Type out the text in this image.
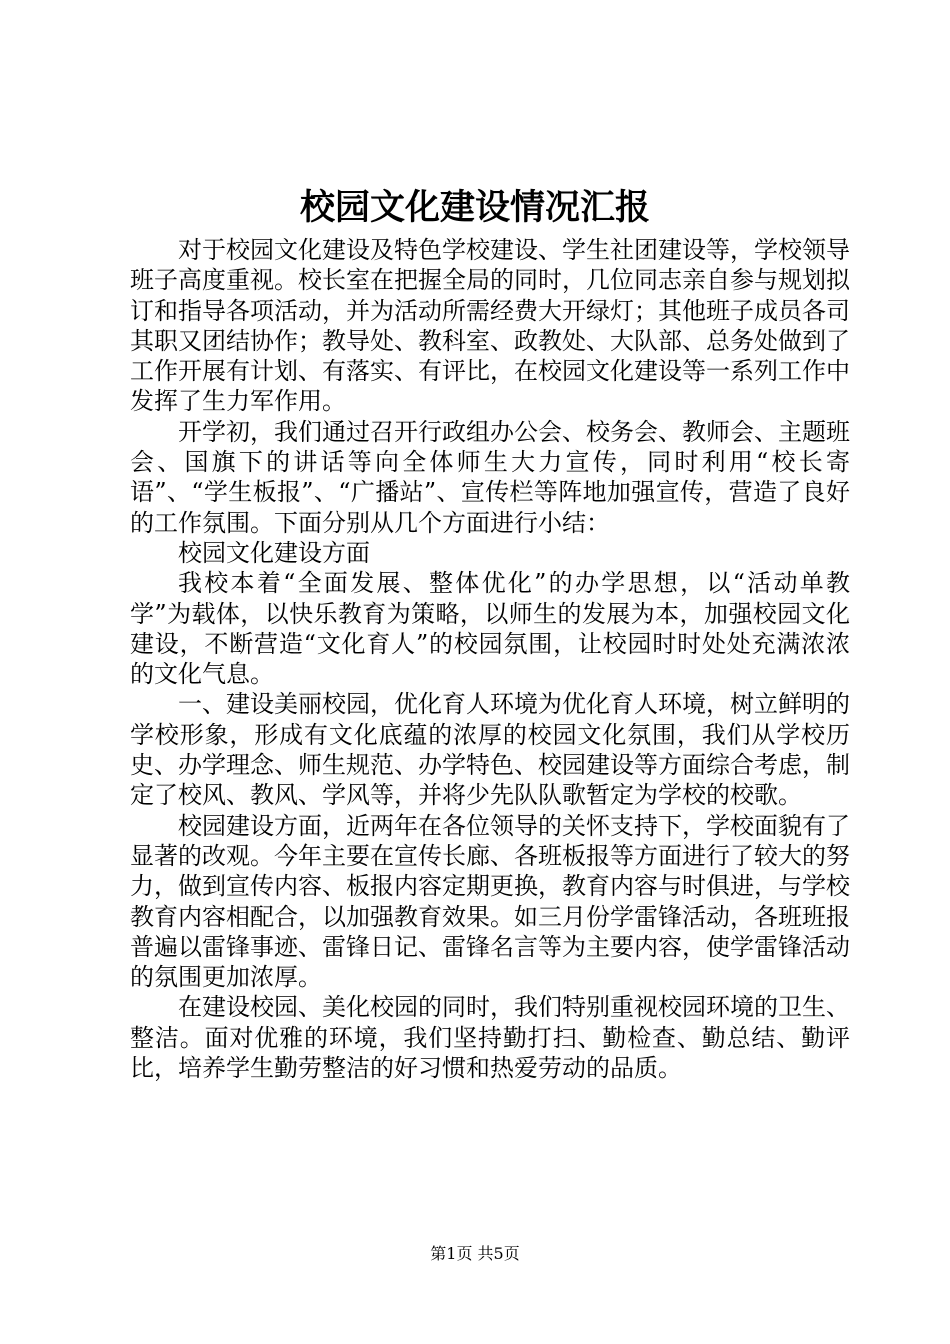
校园文化建设情况汇报

对于校园文化建设及特色学校建设、学生社团建设等，学校领导班子高度重视。校长室在把握全局的同时，几位同志亲自参与规划拟订和指导各项活动，并为活动所需经费大开绿灯；其他班子成员各司其职又团结协作；教导处、教科室、政教处、大队部、总务处做到了工作开展有计划、有落实、有评比，在校园文化建设等一系列工作中发挥了生力军作用。

开学初，我们通过召开行政组办公会、校务会、教师会、主题班会、国旗下的讲话等向全体师生大力宣传，同时利用“校长寄语”、“学生板报”、“广播站”、宣传栏等阵地加强宣传，营造了良好的工作氛围。下面分别从几个方面进行小结：

校园文化建设方面

我校本着“全面发展、整体优化”的办学思想，以“活动单教学”为载体，以快乐教育为策略，以师生的发展为本，加强校园文化建设，不断营造“文化育人”的校园氛围，让校园时时处处充满浓浓的文化气息。

一、建设美丽校园，优化育人环境为优化育人环境，树立鲜明的学校形象，形成有文化底蕴的浓厚的校园文化氛围，我们从学校历史、办学理念、师生规范、办学特色、校园建设等方面综合考虑，制定了校风、教风、学风等，并将少先队队歌暂定为学校的校歌。

校园建设方面，近两年在各位领导的关怀支持下，学校面貌有了显著的改观。今年主要在宣传长廊、各班板报等方面进行了较大的努力，做到宣传内容、板报内容定期更换，教育内容与时俱进，与学校教育内容相配合，以加强教育效果。如三月份学雷锋活动，各班班报普遍以雷锋事迹、雷锋日记、雷锋名言等为主要内容，使学雷锋活动的氛围更加浓厚。

在建设校园、美化校园的同时，我们特别重视校园环境的卫生、整洁。面对优雅的环境，我们坚持勤打扫、勤检查、勤总结、勤评比，培养学生勤劳整洁的好习惯和热爱劳动的品质。

第1页 共5页
